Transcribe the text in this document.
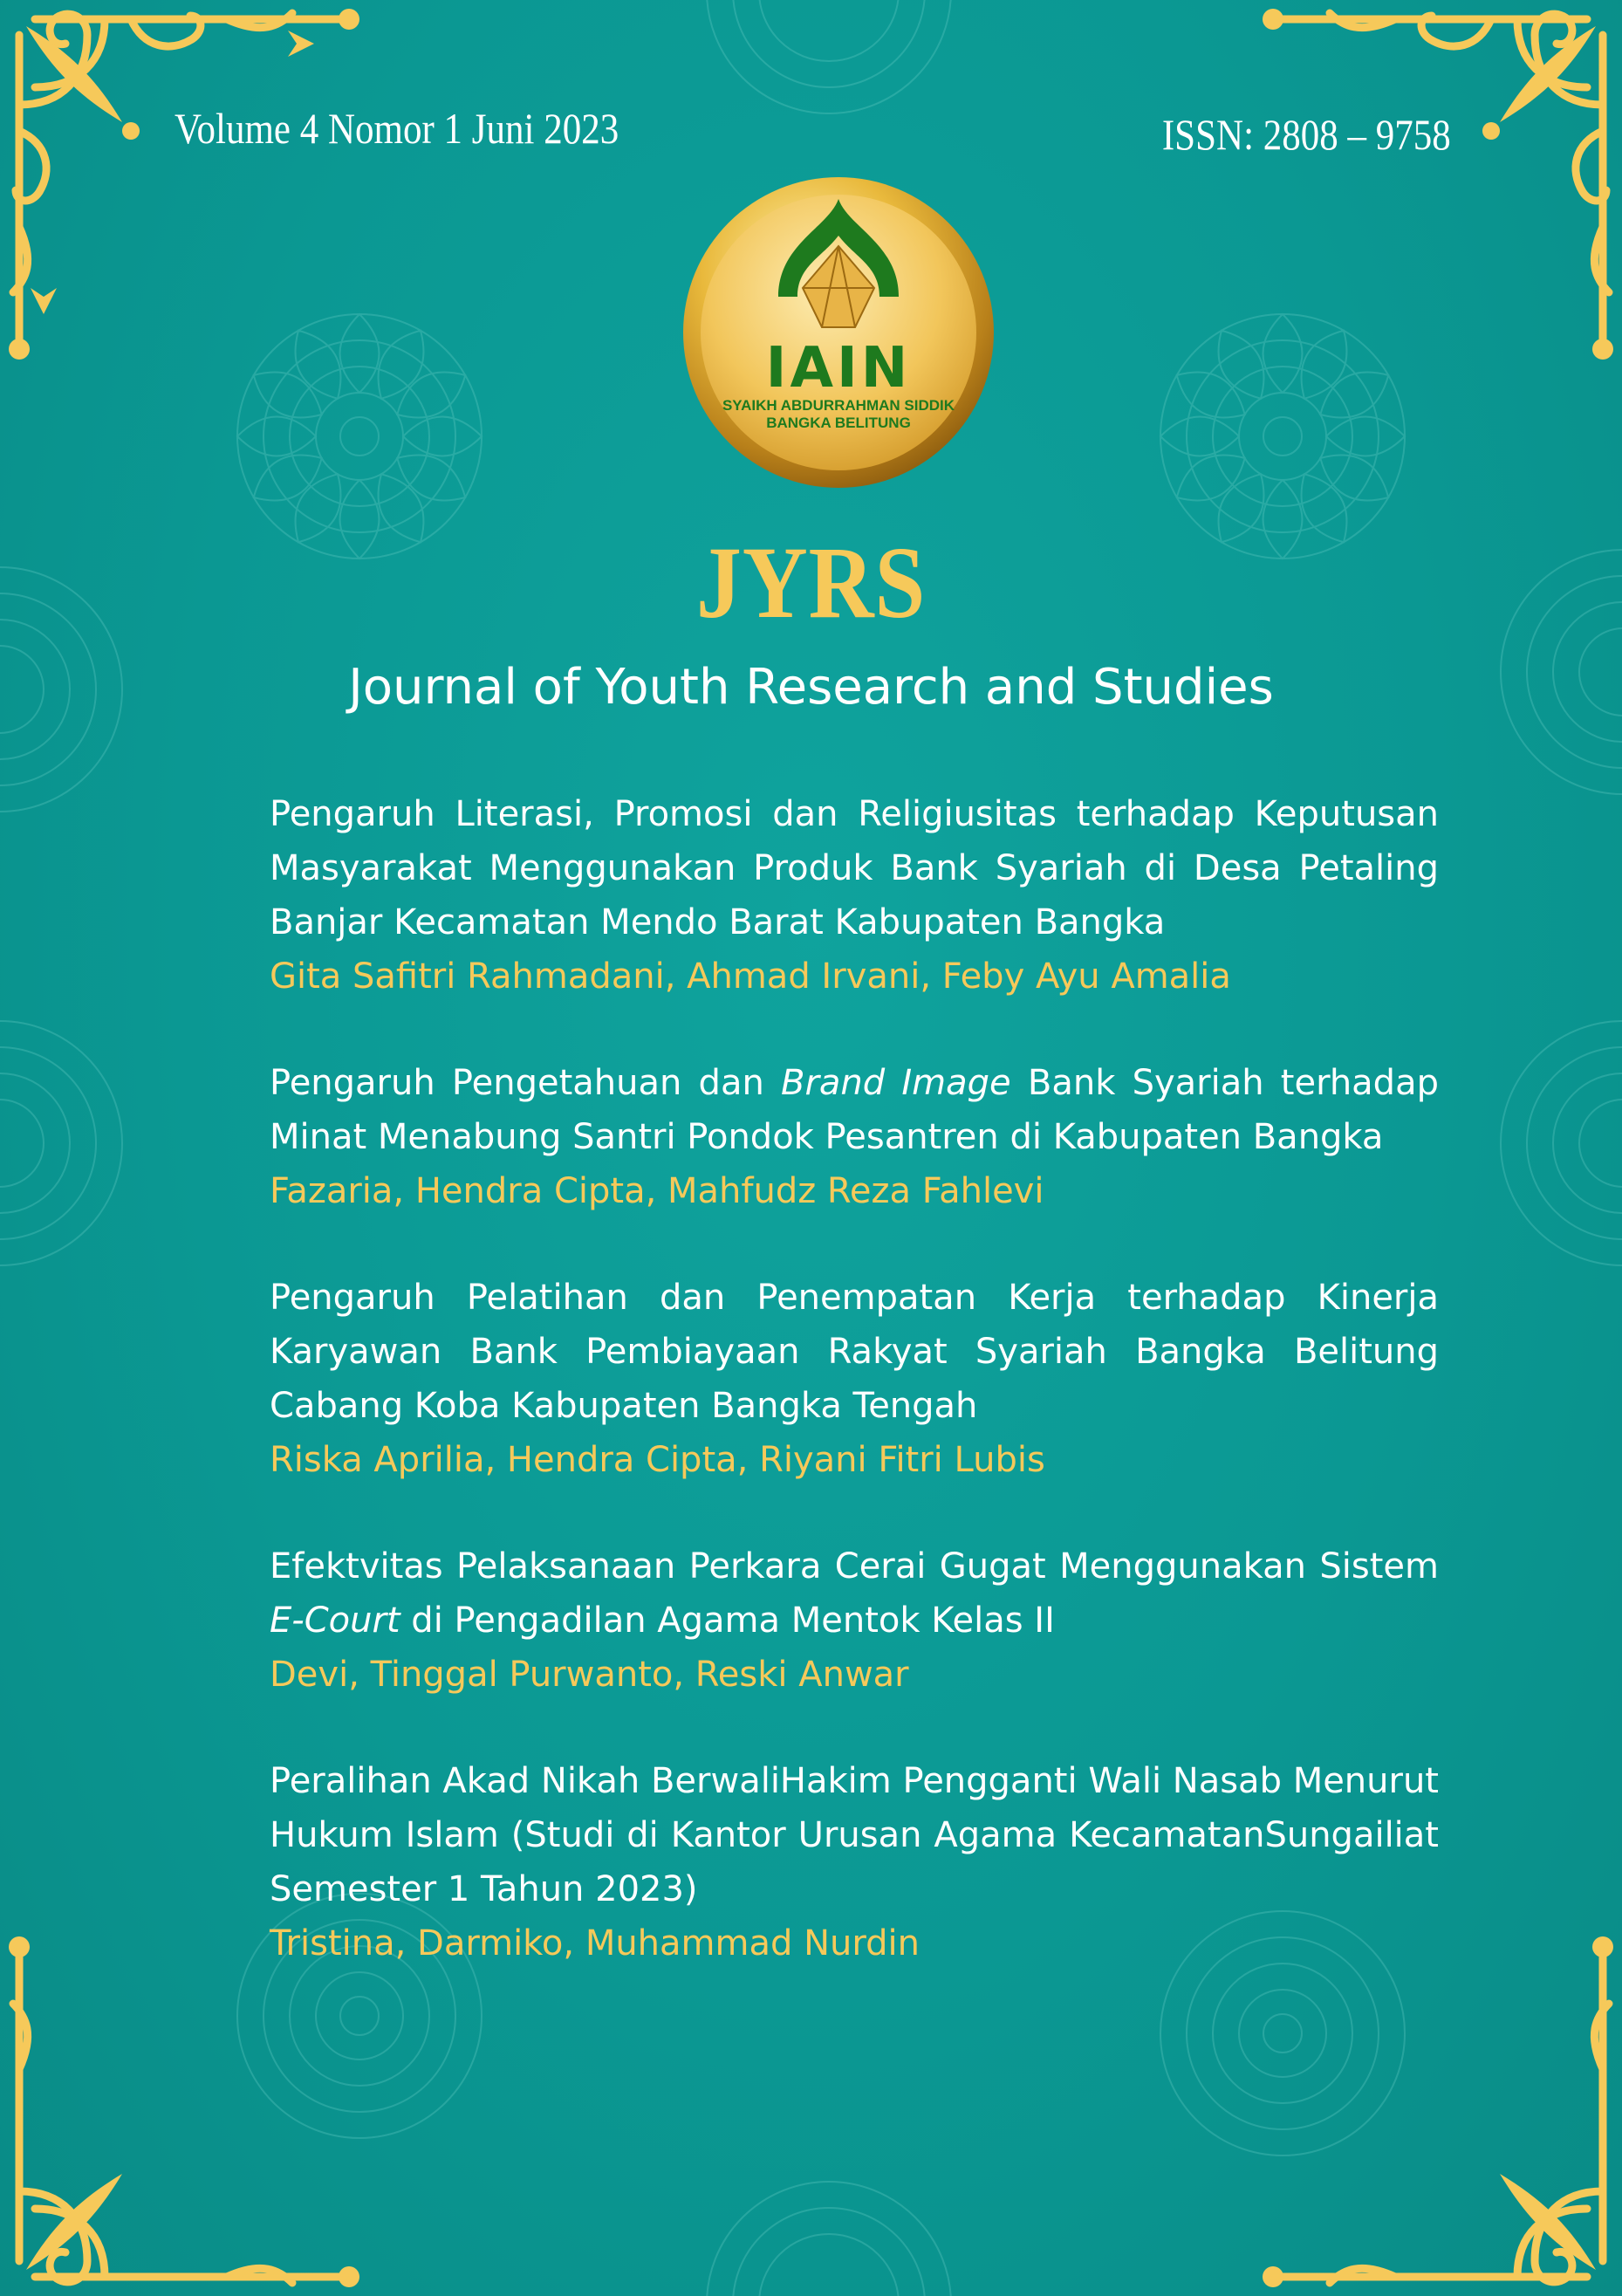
Volume 4 Nomor 1 Juni 2023	ISSN: 2808 – 9758
IAIN
SYAIKH ABDURRAHMAN SIDDIK
BANGKA BELITUNG
JYRS
Journal of Youth Research and Studies
Pengaruh Literasi, Promosi dan Religiusitas terhadap Keputusan Masyarakat Menggunakan Produk Bank Syariah di Desa Petaling Banjar Kecamatan Mendo Barat Kabupaten Bangka
Gita Safitri Rahmadani, Ahmad Irvani, Feby Ayu Amalia
Pengaruh Pengetahuan dan Brand Image Bank Syariah terhadap Minat Menabung Santri Pondok Pesantren di Kabupaten Bangka
Fazaria, Hendra Cipta, Mahfudz Reza Fahlevi
Pengaruh Pelatihan dan Penempatan Kerja terhadap Kinerja Karyawan Bank Pembiayaan Rakyat Syariah Bangka Belitung Cabang Koba Kabupaten Bangka Tengah
Riska Aprilia, Hendra Cipta, Riyani Fitri Lubis
Efektvitas Pelaksanaan Perkara Cerai Gugat Menggunakan Sistem E-Court di Pengadilan Agama Mentok Kelas II
Devi, Tinggal Purwanto, Reski Anwar
Peralihan Akad Nikah BerwaliHakim Pengganti Wali Nasab Menurut Hukum Islam (Studi di Kantor Urusan Agama KecamatanSungailiat Semester 1 Tahun 2023)
Tristina, Darmiko, Muhammad Nurdin
